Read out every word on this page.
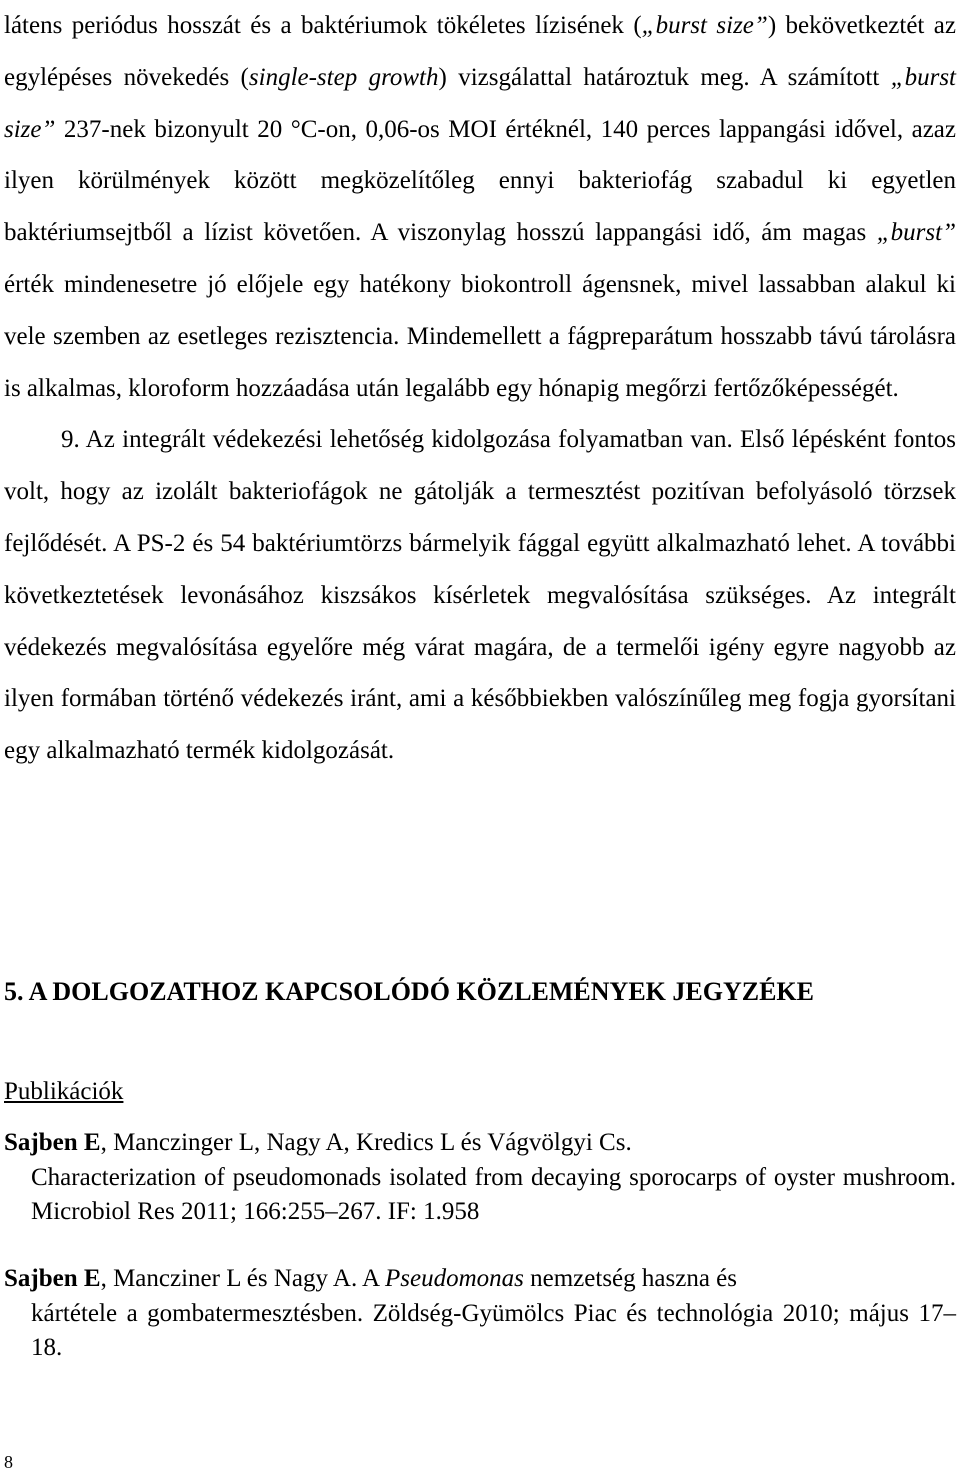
látens periódus hosszát és a baktériumok tökéletes lízisének („burst size”) bekövetkeztét az egylépéses növekedés (single-step growth) vizsgálattal határoztuk meg. A számított „burst size” 237-nek bizonyult 20 °C-on, 0,06-os MOI értéknél, 140 perces lappangási idővel, azaz ilyen körülmények között megközelítőleg ennyi bakteriofág szabadul ki egyetlen baktériumsejtből a lízist követően. A viszonylag hosszú lappangási idő, ám magas „burst” érték mindenesetre jó előjele egy hatékony biokontroll ágensnek, mivel lassabban alakul ki vele szemben az esetleges rezisztencia. Mindemellett a fágpreparátum hosszabb távú tárolásra is alkalmas, kloroform hozzáadása után legalább egy hónapig megőrzi fertőzőképességét.

9. Az integrált védekezési lehetőség kidolgozása folyamatban van. Első lépésként fontos volt, hogy az izolált bakteriofágok ne gátolják a termesztést pozitívan befolyásoló törzsek fejlődését. A PS-2 és 54 baktériumtörzs bármelyik fággal együtt alkalmazható lehet. A további következtetések levonásához kiszsákos kísérletek megvalósítása szükséges. Az integrált védekezés megvalósítása egyelőre még várat magára, de a termelői igény egyre nagyobb az ilyen formában történő védekezés iránt, ami a későbbiekben valószínűleg meg fogja gyorsítani egy alkalmazható termék kidolgozását.

5. A DOLGOZATHOZ KAPCSOLÓDÓ KÖZLEMÉNYEK JEGYZÉKE
Publikációk

Sajben E, Manczinger L, Nagy A, Kredics L és Vágvölgyi Cs.
Characterization of pseudomonads isolated from decaying sporocarps of oyster mushroom. Microbiol Res 2011; 166:255–267. IF: 1.958

Sajben E, Mancziner L és Nagy A. A Pseudomonas nemzetség haszna és
kártétele a gombatermesztésben. Zöldség-Gyümölcs Piac és technológia 2010; május 17–18.

8
